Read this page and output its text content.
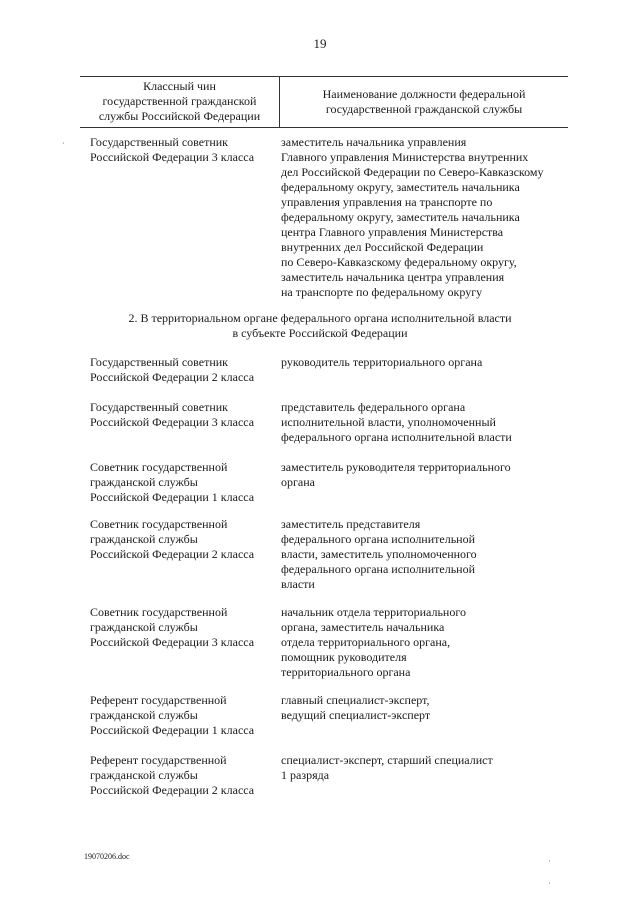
19
Классный чин
государственной гражданской
службы Российской Федерации
Наименование должности федеральной
государственной гражданской службы
Государственный советник
Российской Федерации 3 класса
заместитель начальника управления
Главного управления Министерства внутренних
дел Российской Федерации по Северо-Кавказскому
федеральному округу, заместитель начальника
управления управления на транспорте по
федеральному округу, заместитель начальника
центра Главного управления Министерства
внутренних дел Российской Федерации
по Северо-Кавказскому федеральному округу,
заместитель начальника центра управления
на транспорте по федеральному округу
2. В территориальном органе федерального органа исполнительной власти
в субъекте Российской Федерации
Государственный советник
Российской Федерации 2 класса
руководитель территориального органа
Государственный советник
Российской Федерации 3 класса
представитель федерального органа
исполнительной власти, уполномоченный
федерального органа исполнительной власти
Советник государственной
гражданской службы
Российской Федерации 1 класса
заместитель руководителя территориального
органа
Советник государственной
гражданской службы
Российской Федерации 2 класса
заместитель представителя
федерального органа исполнительной
власти, заместитель уполномоченного
федерального органа исполнительной
власти
Советник государственной
гражданской службы
Российской Федерации 3 класса
начальник отдела территориального
органа, заместитель начальника
отдела территориального органа,
помощник руководителя
территориального органа
Референт государственной
гражданской службы
Российской Федерации 1 класса
главный специалист-эксперт,
ведущий специалист-эксперт
Референт государственной
гражданской службы
Российской Федерации 2 класса
специалист-эксперт, старший специалист
1 разряда
19070206.doc
·
·
·
